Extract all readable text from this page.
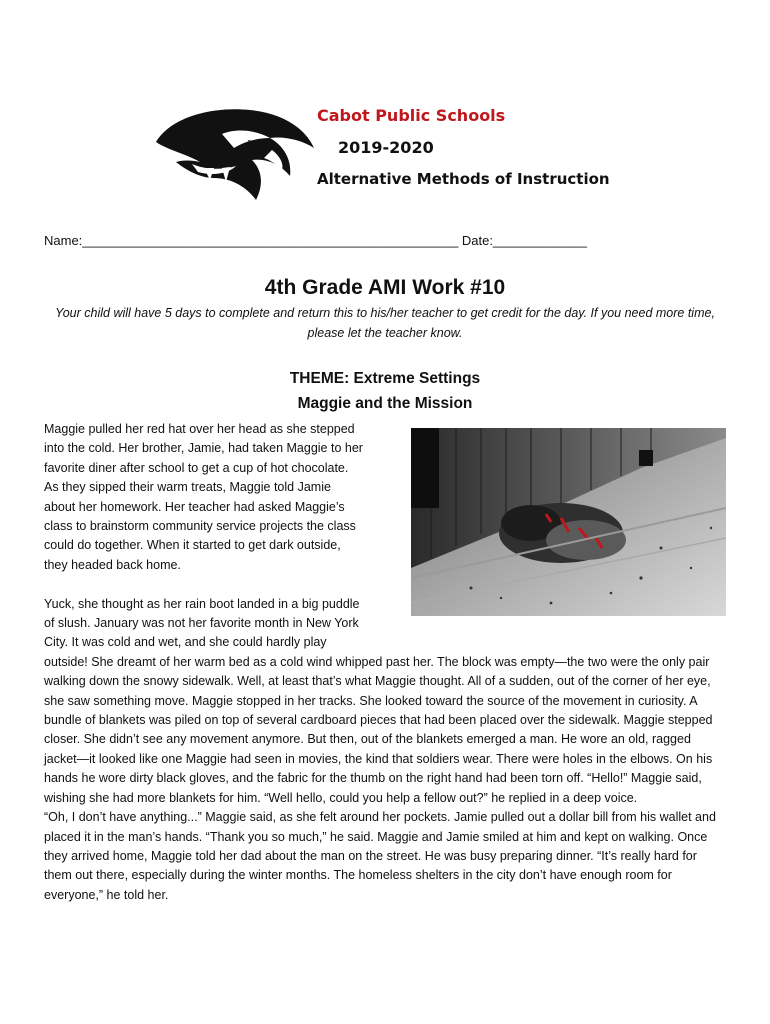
Cabot Public Schools
2019-2020
Alternative Methods of Instruction
Name:____________________________________________________ Date:_____________
4th Grade AMI Work #10
Your child will have 5 days to complete and return this to his/her teacher to get credit for the day. If you need more time, please let the teacher know.
THEME: Extreme Settings
Maggie and the Mission
Maggie pulled her red hat over her head as she stepped
into the cold. Her brother, Jamie, had taken Maggie to her
favorite diner after school to get a cup of hot chocolate.
As they sipped their warm treats, Maggie told Jamie
about her homework. Her teacher had asked Maggie’s
class to brainstorm community service projects the class
could do together. When it started to get dark outside,
they headed back home.
Yuck, she thought as her rain boot landed in a big puddle
of slush. January was not her favorite month in New York
City. It was cold and wet, and she could hardly play
outside! She dreamt of her warm bed as a cold wind whipped past her. The block was empty—the two were the only pair walking down the snowy sidewalk. Well, at least that’s what Maggie thought. All of a sudden, out of the corner of her eye, she saw something move. Maggie stopped in her tracks. She looked toward the source of the movement in curiosity. A bundle of blankets was piled on top of several cardboard pieces that had been placed over the sidewalk. Maggie stepped closer. She didn’t see any movement anymore. But then, out of the blankets emerged a man. He wore an old, ragged jacket—it looked like one Maggie had seen in movies, the kind that soldiers wear. There were holes in the elbows. On his hands he wore dirty black gloves, and the fabric for the thumb on the right hand had been torn off. “Hello!” Maggie said, wishing she had more blankets for him. “Well hello, could you help a fellow out?” he replied in a deep voice.
“Oh, I don’t have anything...” Maggie said, as she felt around her pockets. Jamie pulled out a dollar bill from his wallet and placed it in the man’s hands. “Thank you so much,” he said. Maggie and Jamie smiled at him and kept on walking. Once they arrived home, Maggie told her dad about the man on the street. He was busy preparing dinner. “It’s really hard for them out there, especially during the winter months. The homeless shelters in the city don’t have enough room for everyone,” he told her.
